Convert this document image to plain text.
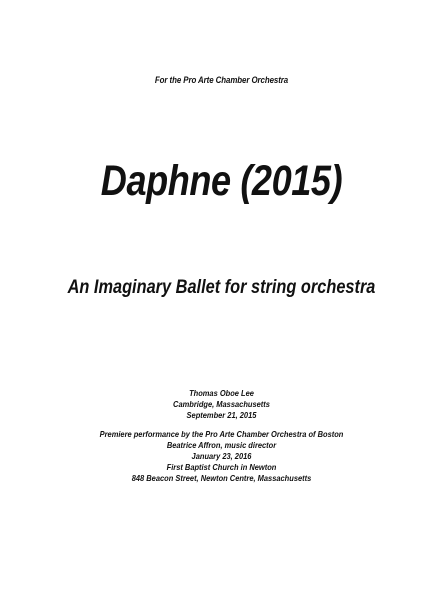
For the Pro Arte Chamber Orchestra
Daphne (2015)
An Imaginary Ballet for string orchestra
Thomas Oboe Lee
Cambridge, Massachusetts
September 21, 2015
Premiere performance by the Pro Arte Chamber Orchestra of Boston
Beatrice Affron, music director
January 23, 2016
First Baptist Church in Newton
848 Beacon Street, Newton Centre, Massachusetts
